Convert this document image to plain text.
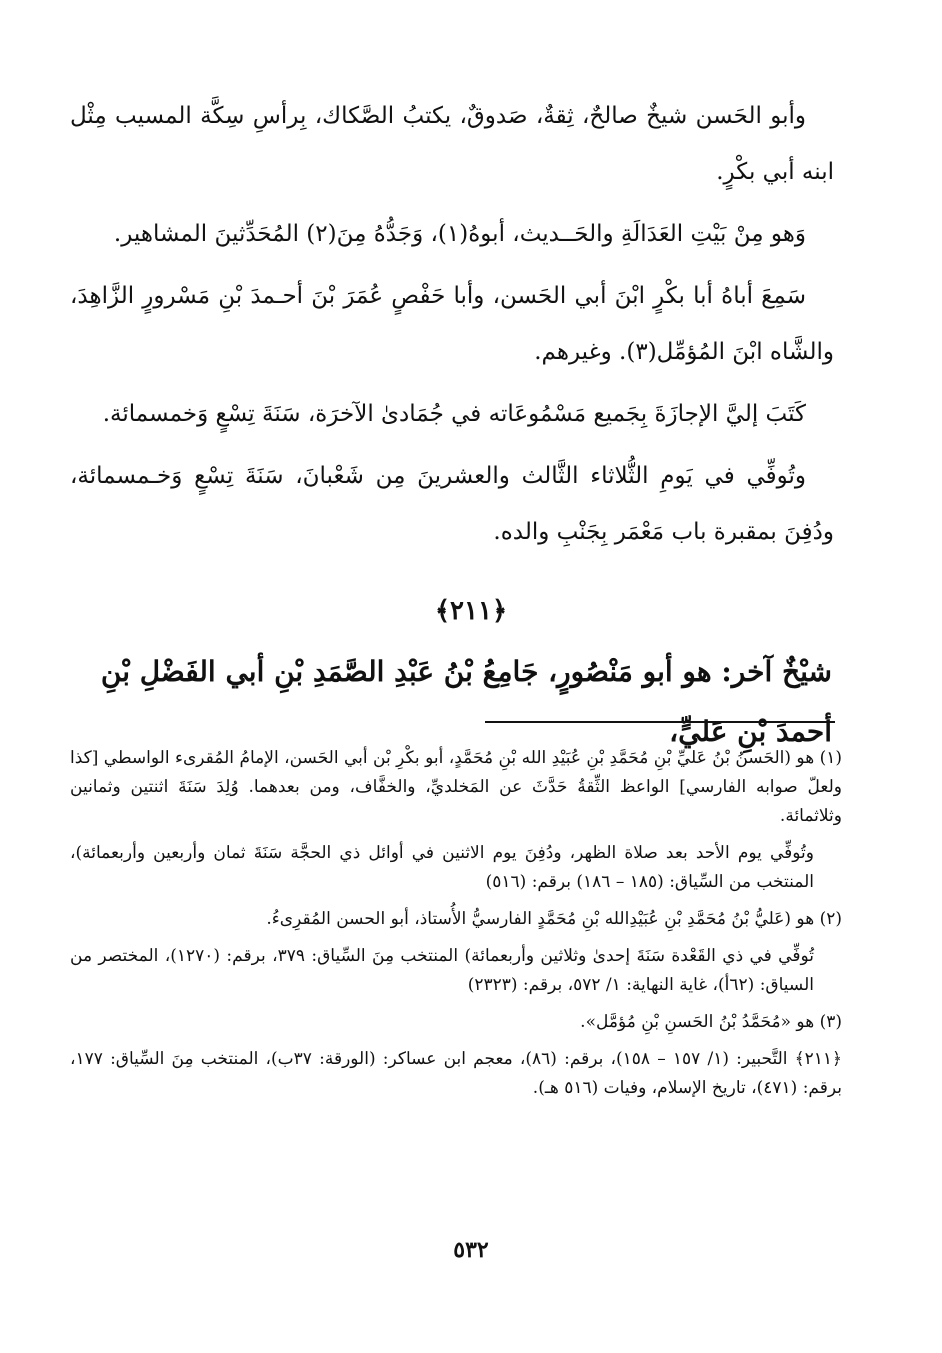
وأبو الحَسن شيخٌ صالحٌ، ثِقةٌ، صَدوقٌ، يكتبُ الصَّكاك، بِرأسِ سِكَّة المسيب مِثْل ابنه أبي بكْرٍ.

وَهو مِنْ بَيْتِ العَدَالَةِ والحَــديث، أبوهُ(١)، وَجَدُّهُ مِنَ(٢) المُحَدِّثينَ المشاهير.

سَمِعَ أباهُ أبا بكْرٍ ابْنَ أبي الحَسن، وأبا حَفْصٍ عُمَرَ بْنَ أحـمدَ بْنِ مَسْرورٍ الزَّاهِدَ، والشَّاه ابْنَ المُؤمِّل(٣). وغيرهم.

كَتَبَ إليَّ الإجازَةَ بِجَميع مَسْمُوعَاته في جُمَادىٰ الآخرَة، سَنَةَ تِسْعٍ وَخمسمائة.

وتُوفِّي في يَومِ الثُّلاثاء الثَّالث والعشرينَ مِن شَعْبانَ، سَنَةَ تِسْعٍ وَخـمسمائة، ودُفِنَ بمقبرة باب مَعْمَر بِجَنْبِ والده.

﴿٢١١﴾
شيْخٌ آخر: هو أبو مَنْصُورٍ، جَامِعُ بْنُ عَبْدِ الصَّمَدِ بْنِ أبي الفَضْلِ بْنِ أحمدَ بْنِ عَليٍّ،
(١) هو (الحَسنُ بْنُ عَليِّ بْنِ مُحَمَّدِ بْنِ عُبَيْدِ الله بْنِ مُحَمَّدٍ، أبو بكْرِ بْن أبي الحَسن، الإمامُ المُقرىء الواسطي [كذا ولعلّ صوابه الفارسي] الواعظ الثِّقةُ حَدَّثَ عن المَخلديِّ، والخفَّاف، ومن بعدهما. وُلِدَ سَنَةَ اثنتين وثمانين وثلاثمائة.
وتُوفِّي يوم الأحد بعد صلاة الظهر، ودُفِنَ يوم الاثنين في أوائل ذي الحجَّة سَنَةَ ثمان وأربعين وأربعمائة)، المنتخب من السِّياق: (١٨٥ – ١٨٦) برقم: (٥١٦)
(٢) هو (عَليُّ بْنُ مُحَمَّدِ بْنِ عُبَيْدِالله بْنِ مُحَمَّدٍ الفارسيُّ الأُستاذ، أبو الحسن المُقرِىءُ.
تُوفِّي في ذي القَعْدة سَنَةَ إحدىٰ وثلاثين وأربعمائة) المنتخب مِنَ السِّياق: ٣٧٩، برقم: (١٢٧٠)، المختصر من السياق: (٦٢أ)، غاية النهاية: ١/ ٥٧٢، برقم: (٢٣٢٣)
(٣) هو «مُحَمَّدُ بْنُ الحَسنِ بْنِ مُؤمَّل».
﴿٢١١﴾ التَّحبير: (١/ ١٥٧ – ١٥٨)، برقم: (٨٦)، معجم ابن عساكر: (الورقة: ٣٧ب)، المنتخب مِنَ السِّياق: ١٧٧، برقم: (٤٧١)، تاريخ الإسلام، وفيات (٥١٦ هـ).
٥٣٢
